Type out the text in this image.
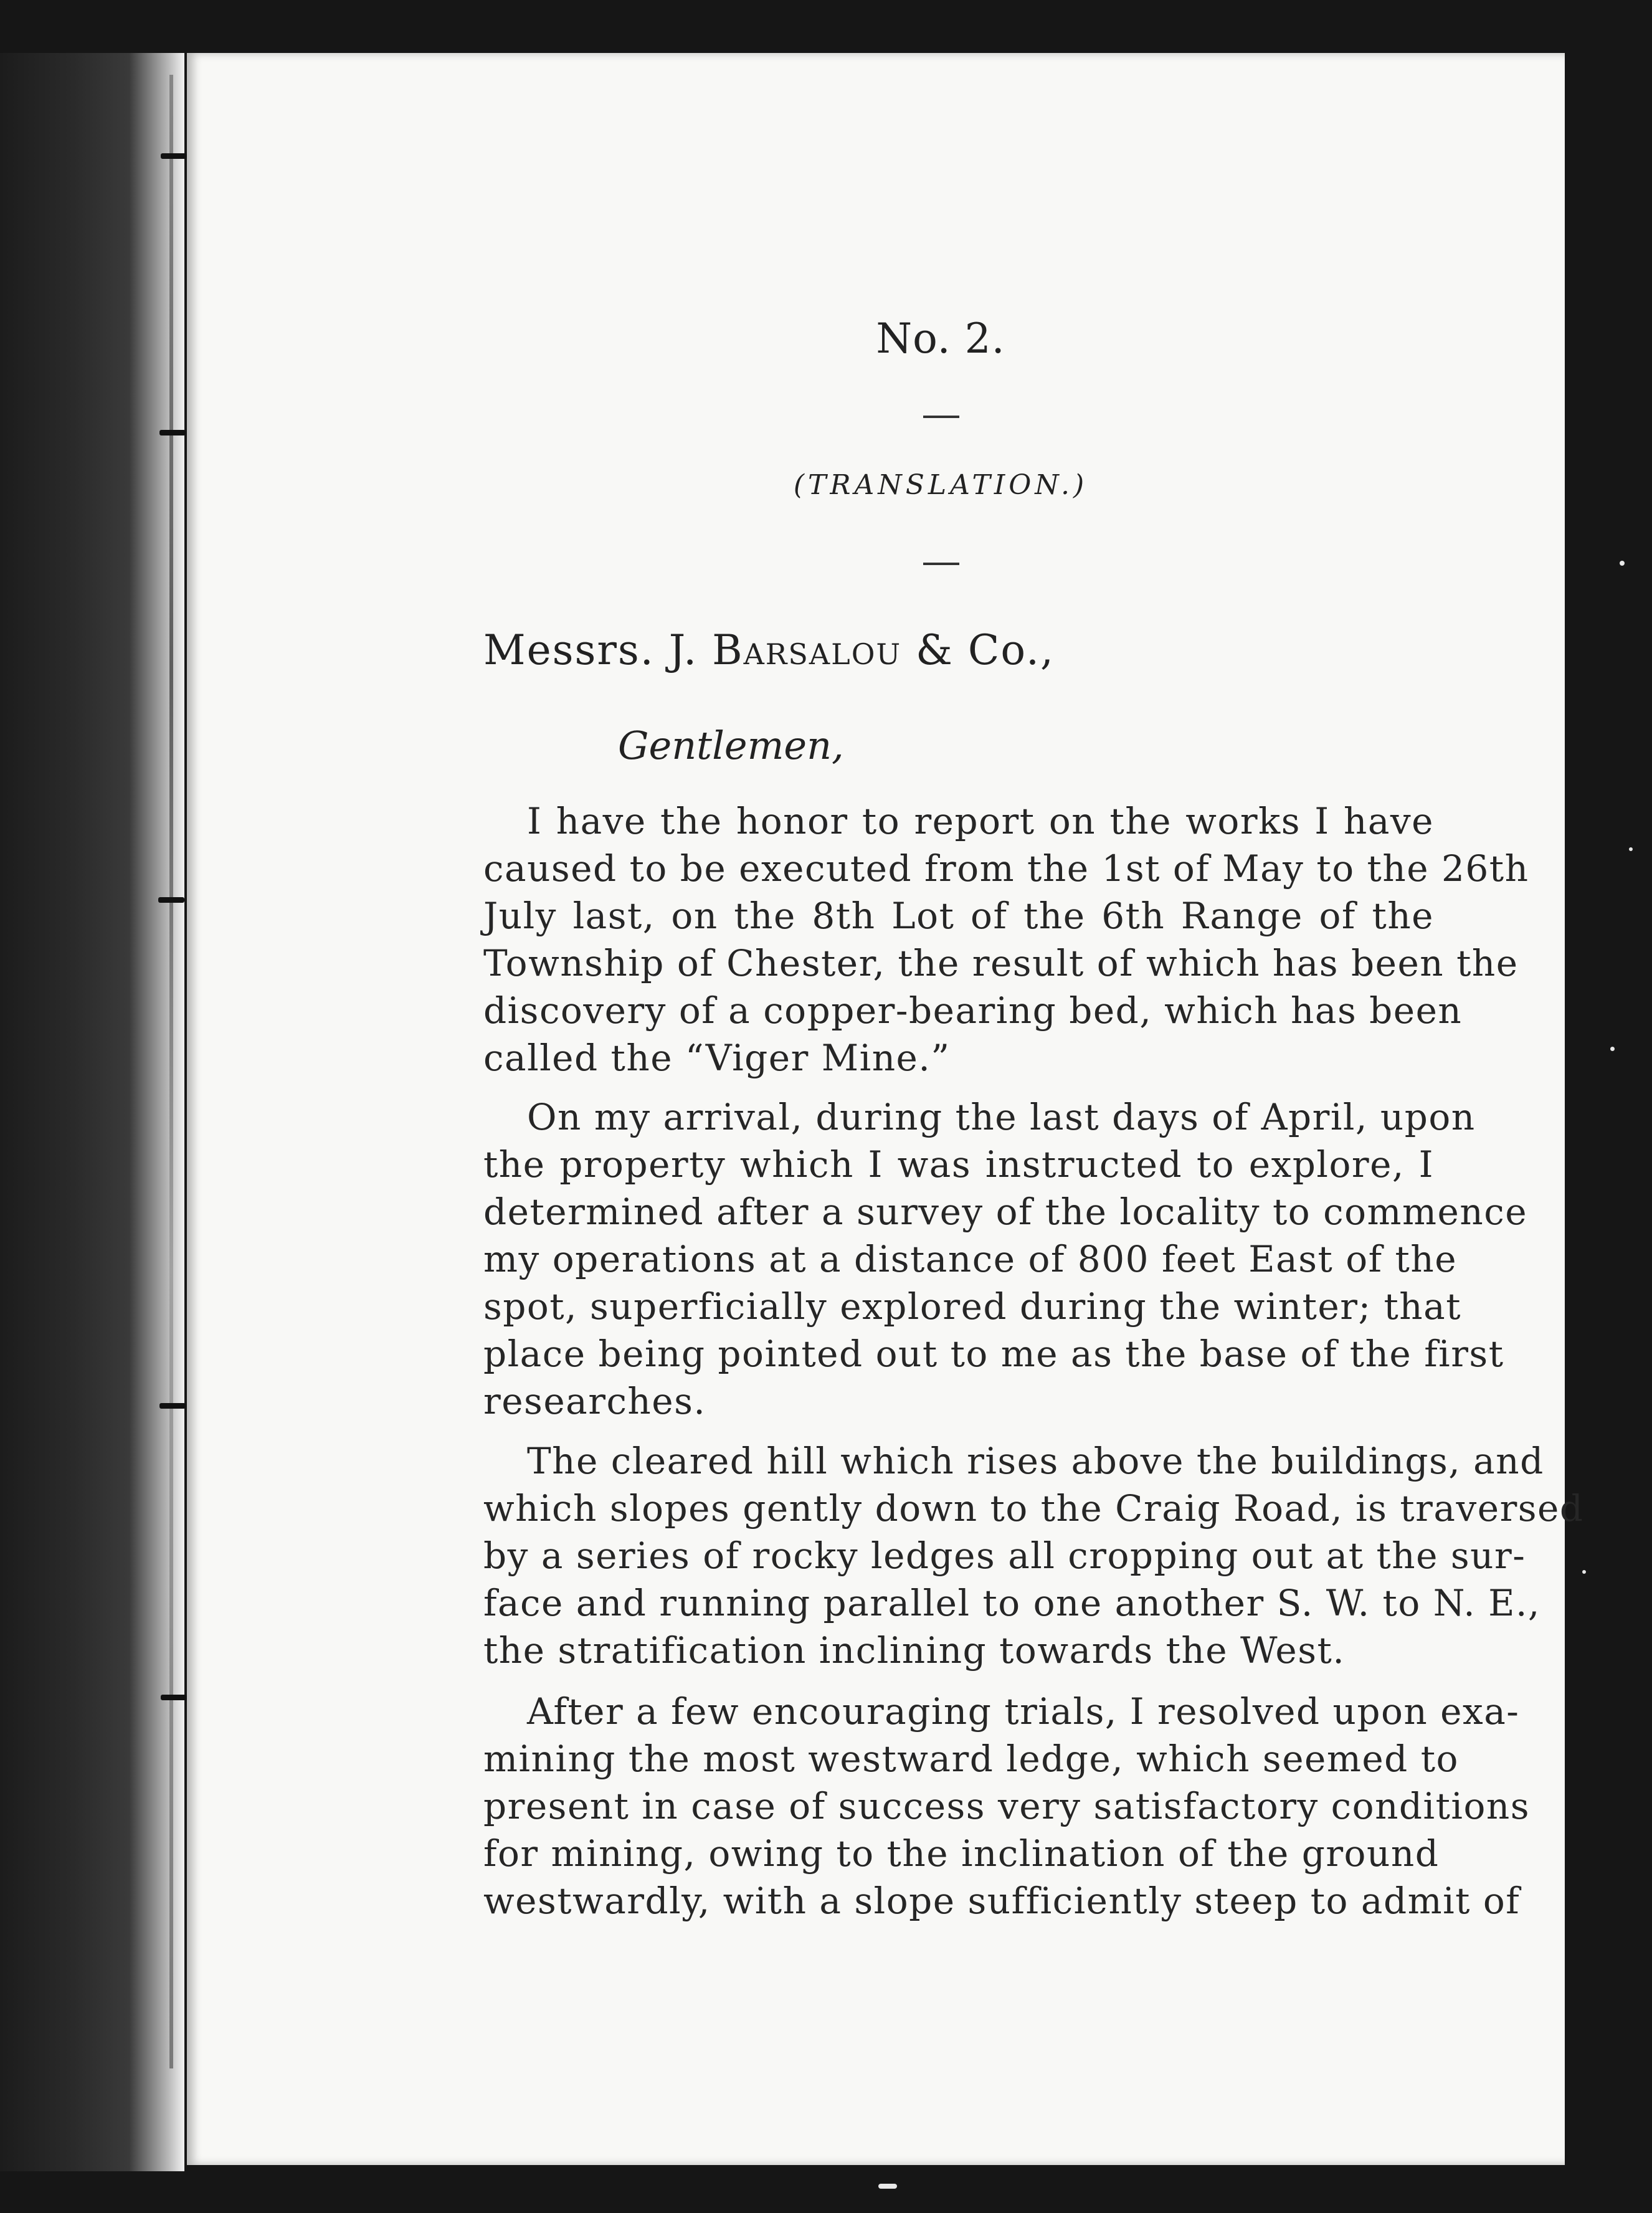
No. 2.
(TRANSLATION.)
Messrs. J. Barsalou & Co.,
Gentlemen,
I have the honor to report on the works I have
caused to be executed from the 1st of May to the 26th
July last, on the 8th Lot of the 6th Range of the
Township of Chester, the result of which has been the
discovery of a copper-bearing bed, which has been
called the “Viger Mine.”
On my arrival, during the last days of April, upon
the property which I was instructed to explore, I
determined after a survey of the locality to commence
my operations at a distance of 800 feet East of the
spot, superficially explored during the winter; that
place being pointed out to me as the base of the first
researches.
The cleared hill which rises above the buildings, and
which slopes gently down to the Craig Road, is traversed
by a series of rocky ledges all cropping out at the sur-
face and running parallel to one another S. W. to N. E.,
the stratification inclining towards the West.
After a few encouraging trials, I resolved upon exa-
mining the most westward ledge, which seemed to
present in case of success very satisfactory conditions
for mining, owing to the inclination of the ground
westwardly, with a slope sufficiently steep to admit of
